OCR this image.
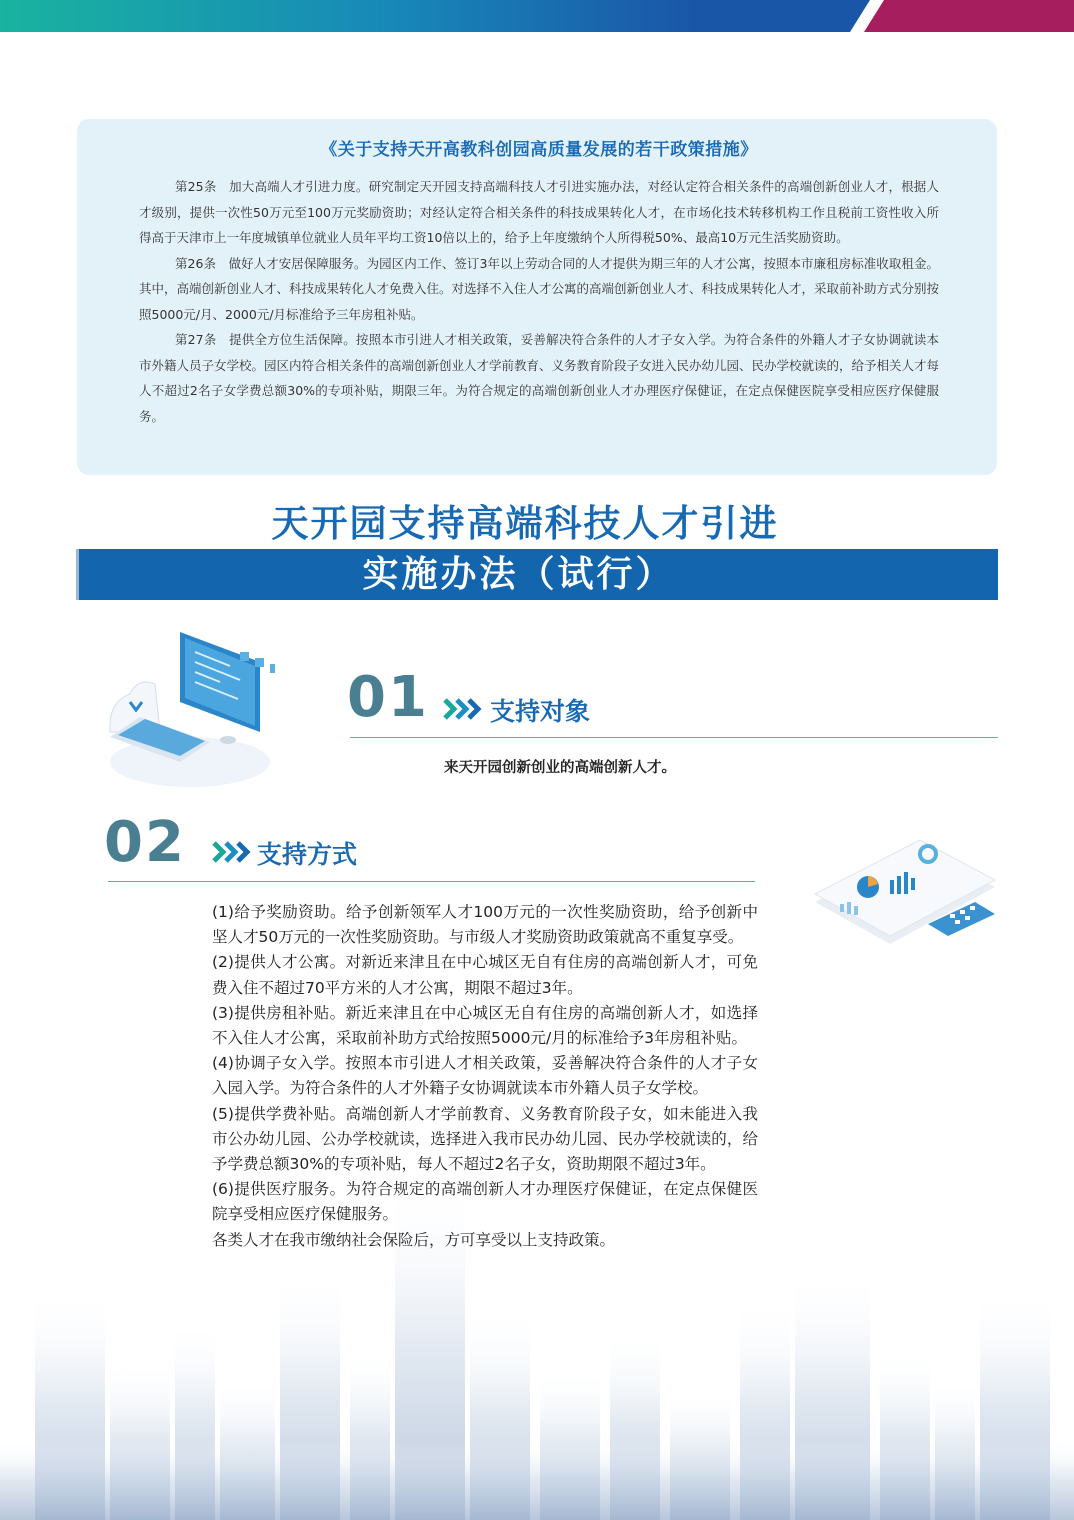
《关于支持天开高教科创园高质量发展的若干政策措施》

第25条　加大高端人才引进力度。研究制定天开园支持高端科技人才引进实施办法，对经认定符合相关条件的高端创新创业人才，根据人才级别，提供一次性50万元至100万元奖励资助；对经认定符合相关条件的科技成果转化人才，在市场化技术转移机构工作且税前工资性收入所得高于天津市上一年度城镇单位就业人员年平均工资10倍以上的，给予上年度缴纳个人所得税50%、最高10万元生活奖励资助。

第26条　做好人才安居保障服务。为园区内工作、签订3年以上劳动合同的人才提供为期三年的人才公寓，按照本市廉租房标准收取租金。其中，高端创新创业人才、科技成果转化人才免费入住。对选择不入住人才公寓的高端创新创业人才、科技成果转化人才，采取前补助方式分别按照5000元/月、2000元/月标准给予三年房租补贴。

第27条　提供全方位生活保障。按照本市引进人才相关政策，妥善解决符合条件的人才子女入学。为符合条件的外籍人才子女协调就读本市外籍人员子女学校。园区内符合相关条件的高端创新创业人才学前教育、义务教育阶段子女进入民办幼儿园、民办学校就读的，给予相关人才每人不超过2名子女学费总额30%的专项补贴，期限三年。为符合规定的高端创新创业人才办理医疗保健证，在定点保健医院享受相应医疗保健服务。

天开园支持高端科技人才引进
实施办法（试行）
01 支持对象
来天开园创新创业的高端创新人才。
02	支持方式

(1)给予奖励资助。给予创新领军人才100万元的一次性奖励资助，给予创新中坚人才50万元的一次性奖励资助。与市级人才奖励资助政策就高不重复享受。

(2)提供人才公寓。对新近来津且在中心城区无自有住房的高端创新人才，可免费入住不超过70平方米的人才公寓，期限不超过3年。

(3)提供房租补贴。新近来津且在中心城区无自有住房的高端创新人才，如选择不入住人才公寓，采取前补助方式给按照5000元/月的标准给予3年房租补贴。

(4)协调子女入学。按照本市引进人才相关政策，妥善解决符合条件的人才子女入园入学。为符合条件的人才外籍子女协调就读本市外籍人员子女学校。

(5)提供学费补贴。高端创新人才学前教育、义务教育阶段子女，如未能进入我市公办幼儿园、公办学校就读，选择进入我市民办幼儿园、民办学校就读的，给予学费总额30%的专项补贴，每人不超过2名子女，资助期限不超过3年。

(6)提供医疗服务。为符合规定的高端创新人才办理医疗保健证，在定点保健医院享受相应医疗保健服务。

各类人才在我市缴纳社会保险后，方可享受以上支持政策。
